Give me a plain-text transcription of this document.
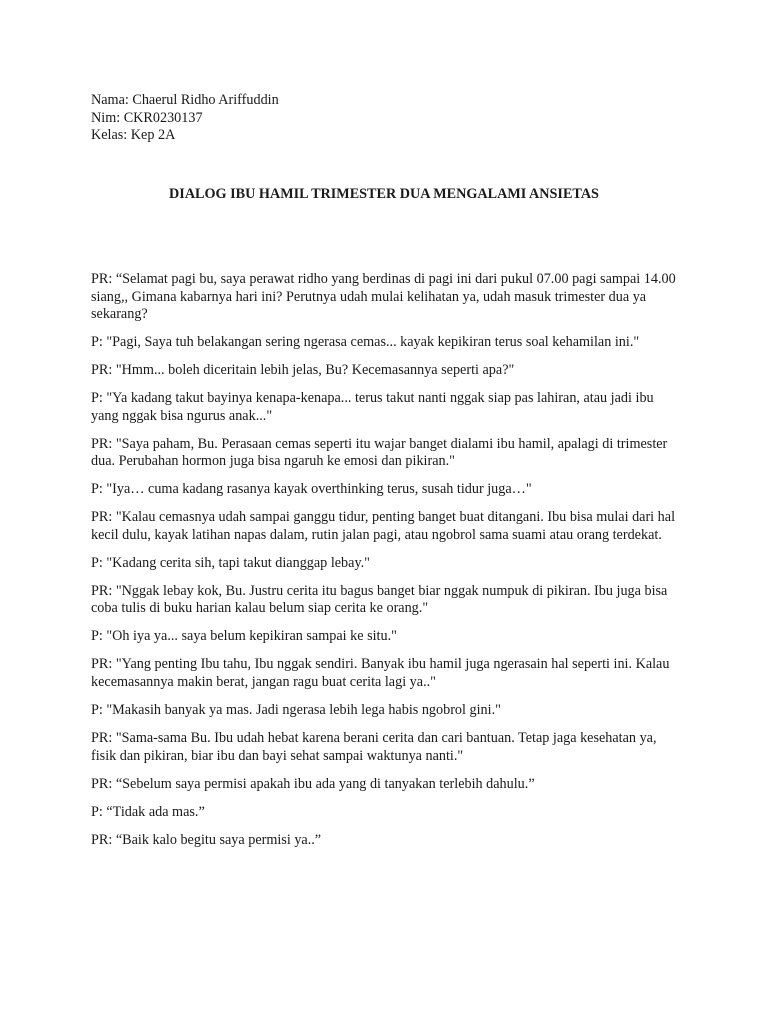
Nama: Chaerul Ridho Ariffuddin
Nim: CKR0230137
Kelas: Kep 2A
DIALOG IBU HAMIL TRIMESTER DUA MENGALAMI ANSIETAS

PR: “Selamat pagi bu, saya perawat ridho yang berdinas di pagi ini dari pukul 07.00 pagi sampai 14.00 siang,, Gimana kabarnya hari ini? Perutnya udah mulai kelihatan ya, udah masuk trimester dua ya sekarang?

P: "Pagi, Saya tuh belakangan sering ngerasa cemas... kayak kepikiran terus soal kehamilan ini."

PR: "Hmm... boleh diceritain lebih jelas, Bu? Kecemasannya seperti apa?"

P: "Ya kadang takut bayinya kenapa-kenapa... terus takut nanti nggak siap pas lahiran, atau jadi ibu yang nggak bisa ngurus anak..."

PR: "Saya paham, Bu. Perasaan cemas seperti itu wajar banget dialami ibu hamil, apalagi di trimester dua. Perubahan hormon juga bisa ngaruh ke emosi dan pikiran."

P: "Iya… cuma kadang rasanya kayak overthinking terus, susah tidur juga…"

PR: "Kalau cemasnya udah sampai ganggu tidur, penting banget buat ditangani. Ibu bisa mulai dari hal kecil dulu, kayak latihan napas dalam, rutin jalan pagi, atau ngobrol sama suami atau orang terdekat.

P: "Kadang cerita sih, tapi takut dianggap lebay."

PR: "Nggak lebay kok, Bu. Justru cerita itu bagus banget biar nggak numpuk di pikiran. Ibu juga bisa coba tulis di buku harian kalau belum siap cerita ke orang."

P: "Oh iya ya... saya belum kepikiran sampai ke situ."

PR: "Yang penting Ibu tahu, Ibu nggak sendiri. Banyak ibu hamil juga ngerasain hal seperti ini. Kalau kecemasannya makin berat, jangan ragu buat cerita lagi ya.."

P: "Makasih banyak ya mas. Jadi ngerasa lebih lega habis ngobrol gini."

PR: "Sama-sama Bu. Ibu udah hebat karena berani cerita dan cari bantuan. Tetap jaga kesehatan ya, fisik dan pikiran, biar ibu dan bayi sehat sampai waktunya nanti."

PR: “Sebelum saya permisi apakah ibu ada yang di tanyakan terlebih dahulu.”

P: “Tidak ada mas.”

PR: “Baik kalo begitu saya permisi ya..”
